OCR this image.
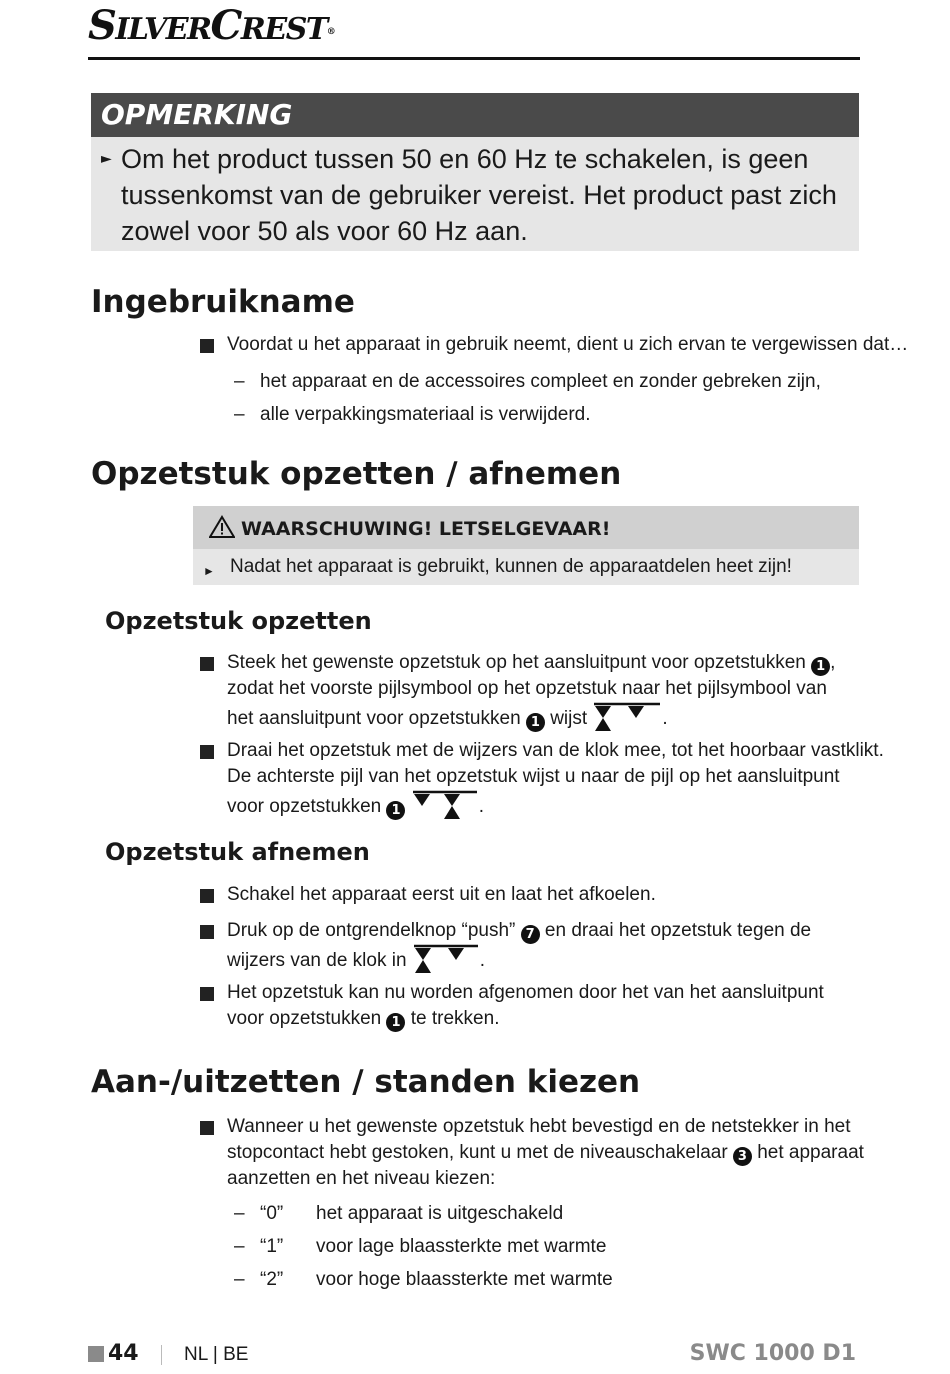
SILVERCREST®
OPMERKING
► Om het product tussen 50 en 60 Hz te schakelen, is geen tussenkomst van de gebruiker vereist. Het product past zich zowel voor 50 als voor 60 Hz aan.
Ingebruikname
Voordat u het apparaat in gebruik neemt, dient u zich ervan te vergewissen dat…
– het apparaat en de accessoires compleet en zonder gebreken zijn,
– alle verpakkingsmateriaal is verwijderd.
Opzetstuk opzetten / afnemen
WAARSCHUWING! LETSELGEVAAR!
► Nadat het apparaat is gebruikt, kunnen de apparaatdelen heet zijn!
Opzetstuk opzetten
Steek het gewenste opzetstuk op het aansluitpunt voor opzetstukken 1 ,
zodat het voorste pijlsymbool op het opzetstuk naar het pijlsymbool van
het aansluitpunt voor opzetstukken 1 wijst	.
Draai het opzetstuk met de wijzers van de klok mee, tot het hoorbaar vastklikt.
De achterste pijl van het opzetstuk wijst u naar de pijl op het aansluitpunt
voor opzetstukken 1	.
Opzetstuk afnemen
Schakel het apparaat eerst uit en laat het afkoelen.
Druk op de ontgrendelknop “push” 7 en draai het opzetstuk tegen de
wijzers van de klok in	.
Het opzetstuk kan nu worden afgenomen door het van het aansluitpunt
voor opzetstukken 1 te trekken.
Aan-/uitzetten / standen kiezen
Wanneer u het gewenste opzetstuk hebt bevestigd en de netstekker in het
stopcontact hebt gestoken, kunt u met de niveauschakelaar 3 het apparaat
aanzetten en het niveau kiezen:
– “0” het apparaat is uitgeschakeld
– “1” voor lage blaassterkte met warmte
– “2” voor hoge blaassterkte met warmte
44 NL | BE	SWC 1000 D1
